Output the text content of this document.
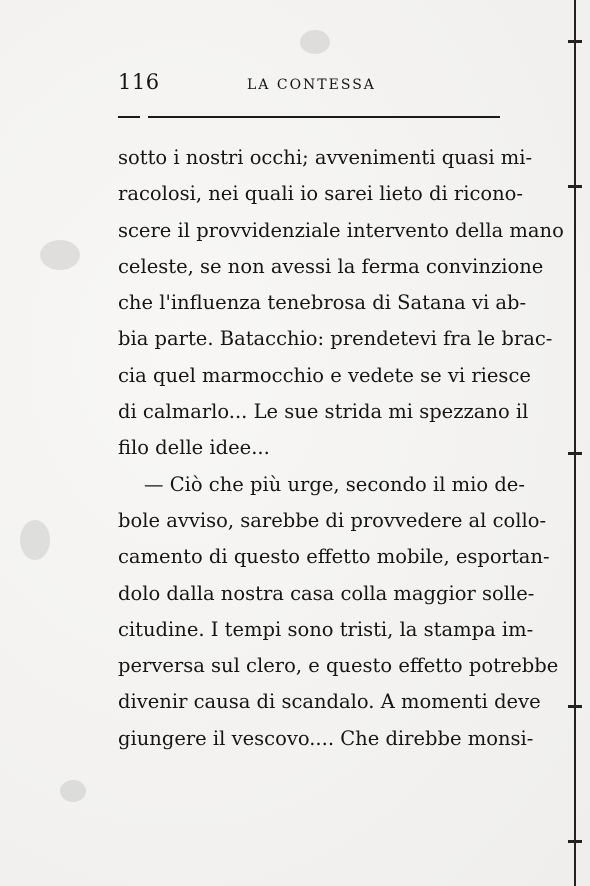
116	LA CONTESSA
sotto i nostri occhi; avvenimenti quasi mi-
racolosi, nei quali io sarei lieto di ricono-
scere il provvidenziale intervento della mano
celeste, se non avessi la ferma convinzione
che l'influenza tenebrosa di Satana vi ab-
bia parte. Batacchio: prendetevi fra le brac-
cia quel marmocchio e vedete se vi riesce
di calmarlo... Le sue strida mi spezzano il
filo delle idee...
— Ciò che più urge, secondo il mio de-
bole avviso, sarebbe di provvedere al collo-
camento di questo effetto mobile, esportan-
dolo dalla nostra casa colla maggior solle-
citudine. I tempi sono tristi, la stampa im-
perversa sul clero, e questo effetto potrebbe
divenir causa di scandalo. A momenti deve
giungere il vescovo.... Che direbbe monsi-
